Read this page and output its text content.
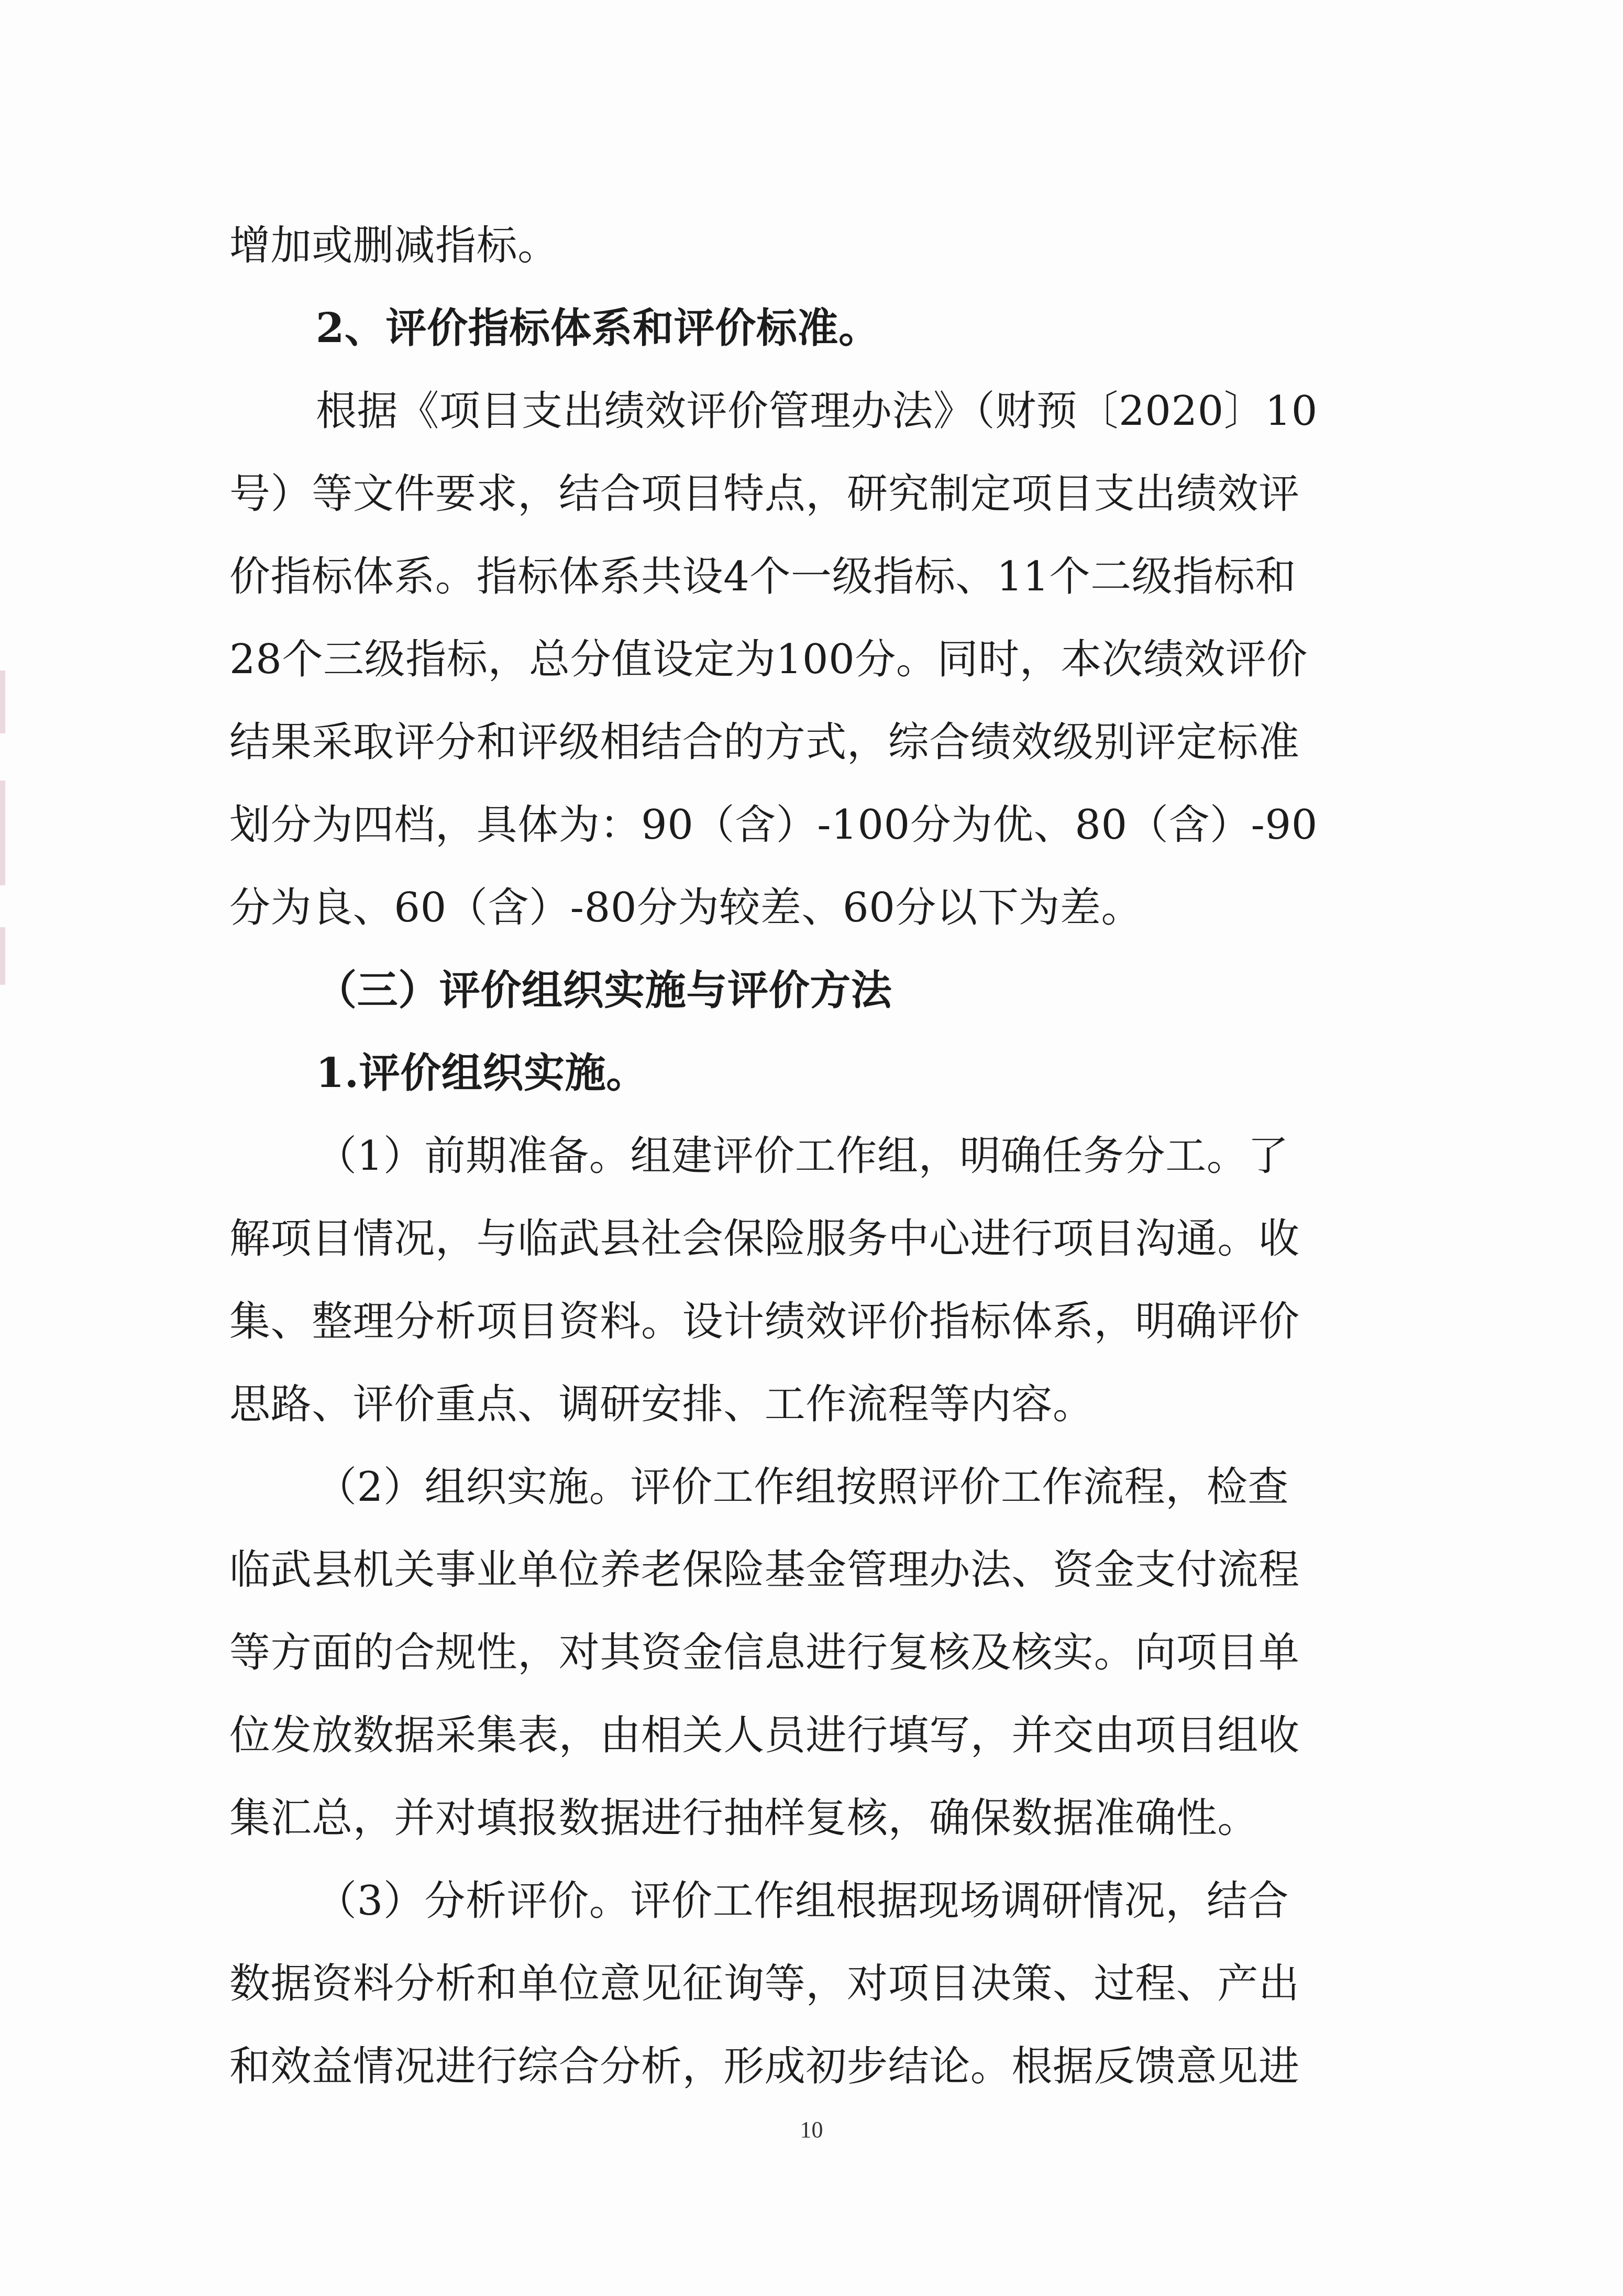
增加或删减指标。

2、评价指标体系和评价标准。

根据《项目支出绩效评价管理办法》（财预〔2020〕10
号）等文件要求，结合项目特点，研究制定项目支出绩效评
价指标体系。指标体系共设4个一级指标、11个二级指标和
28个三级指标，总分值设定为100分。同时，本次绩效评价
结果采取评分和评级相结合的方式，综合绩效级别评定标准
划分为四档，具体为：90（含）-100分为优、80（含）-90
分为良、60（含）-80分为较差、60分以下为差。

（三）评价组织实施与评价方法

1.评价组织实施。

（1）前期准备。组建评价工作组，明确任务分工。了
解项目情况，与临武县社会保险服务中心进行项目沟通。收
集、整理分析项目资料。设计绩效评价指标体系，明确评价
思路、评价重点、调研安排、工作流程等内容。

（2）组织实施。评价工作组按照评价工作流程，检查
临武县机关事业单位养老保险基金管理办法、资金支付流程
等方面的合规性，对其资金信息进行复核及核实。向项目单
位发放数据采集表，由相关人员进行填写，并交由项目组收
集汇总，并对填报数据进行抽样复核，确保数据准确性。

（3）分析评价。评价工作组根据现场调研情况，结合
数据资料分析和单位意见征询等，对项目决策、过程、产出
和效益情况进行综合分析，形成初步结论。根据反馈意见进

10
